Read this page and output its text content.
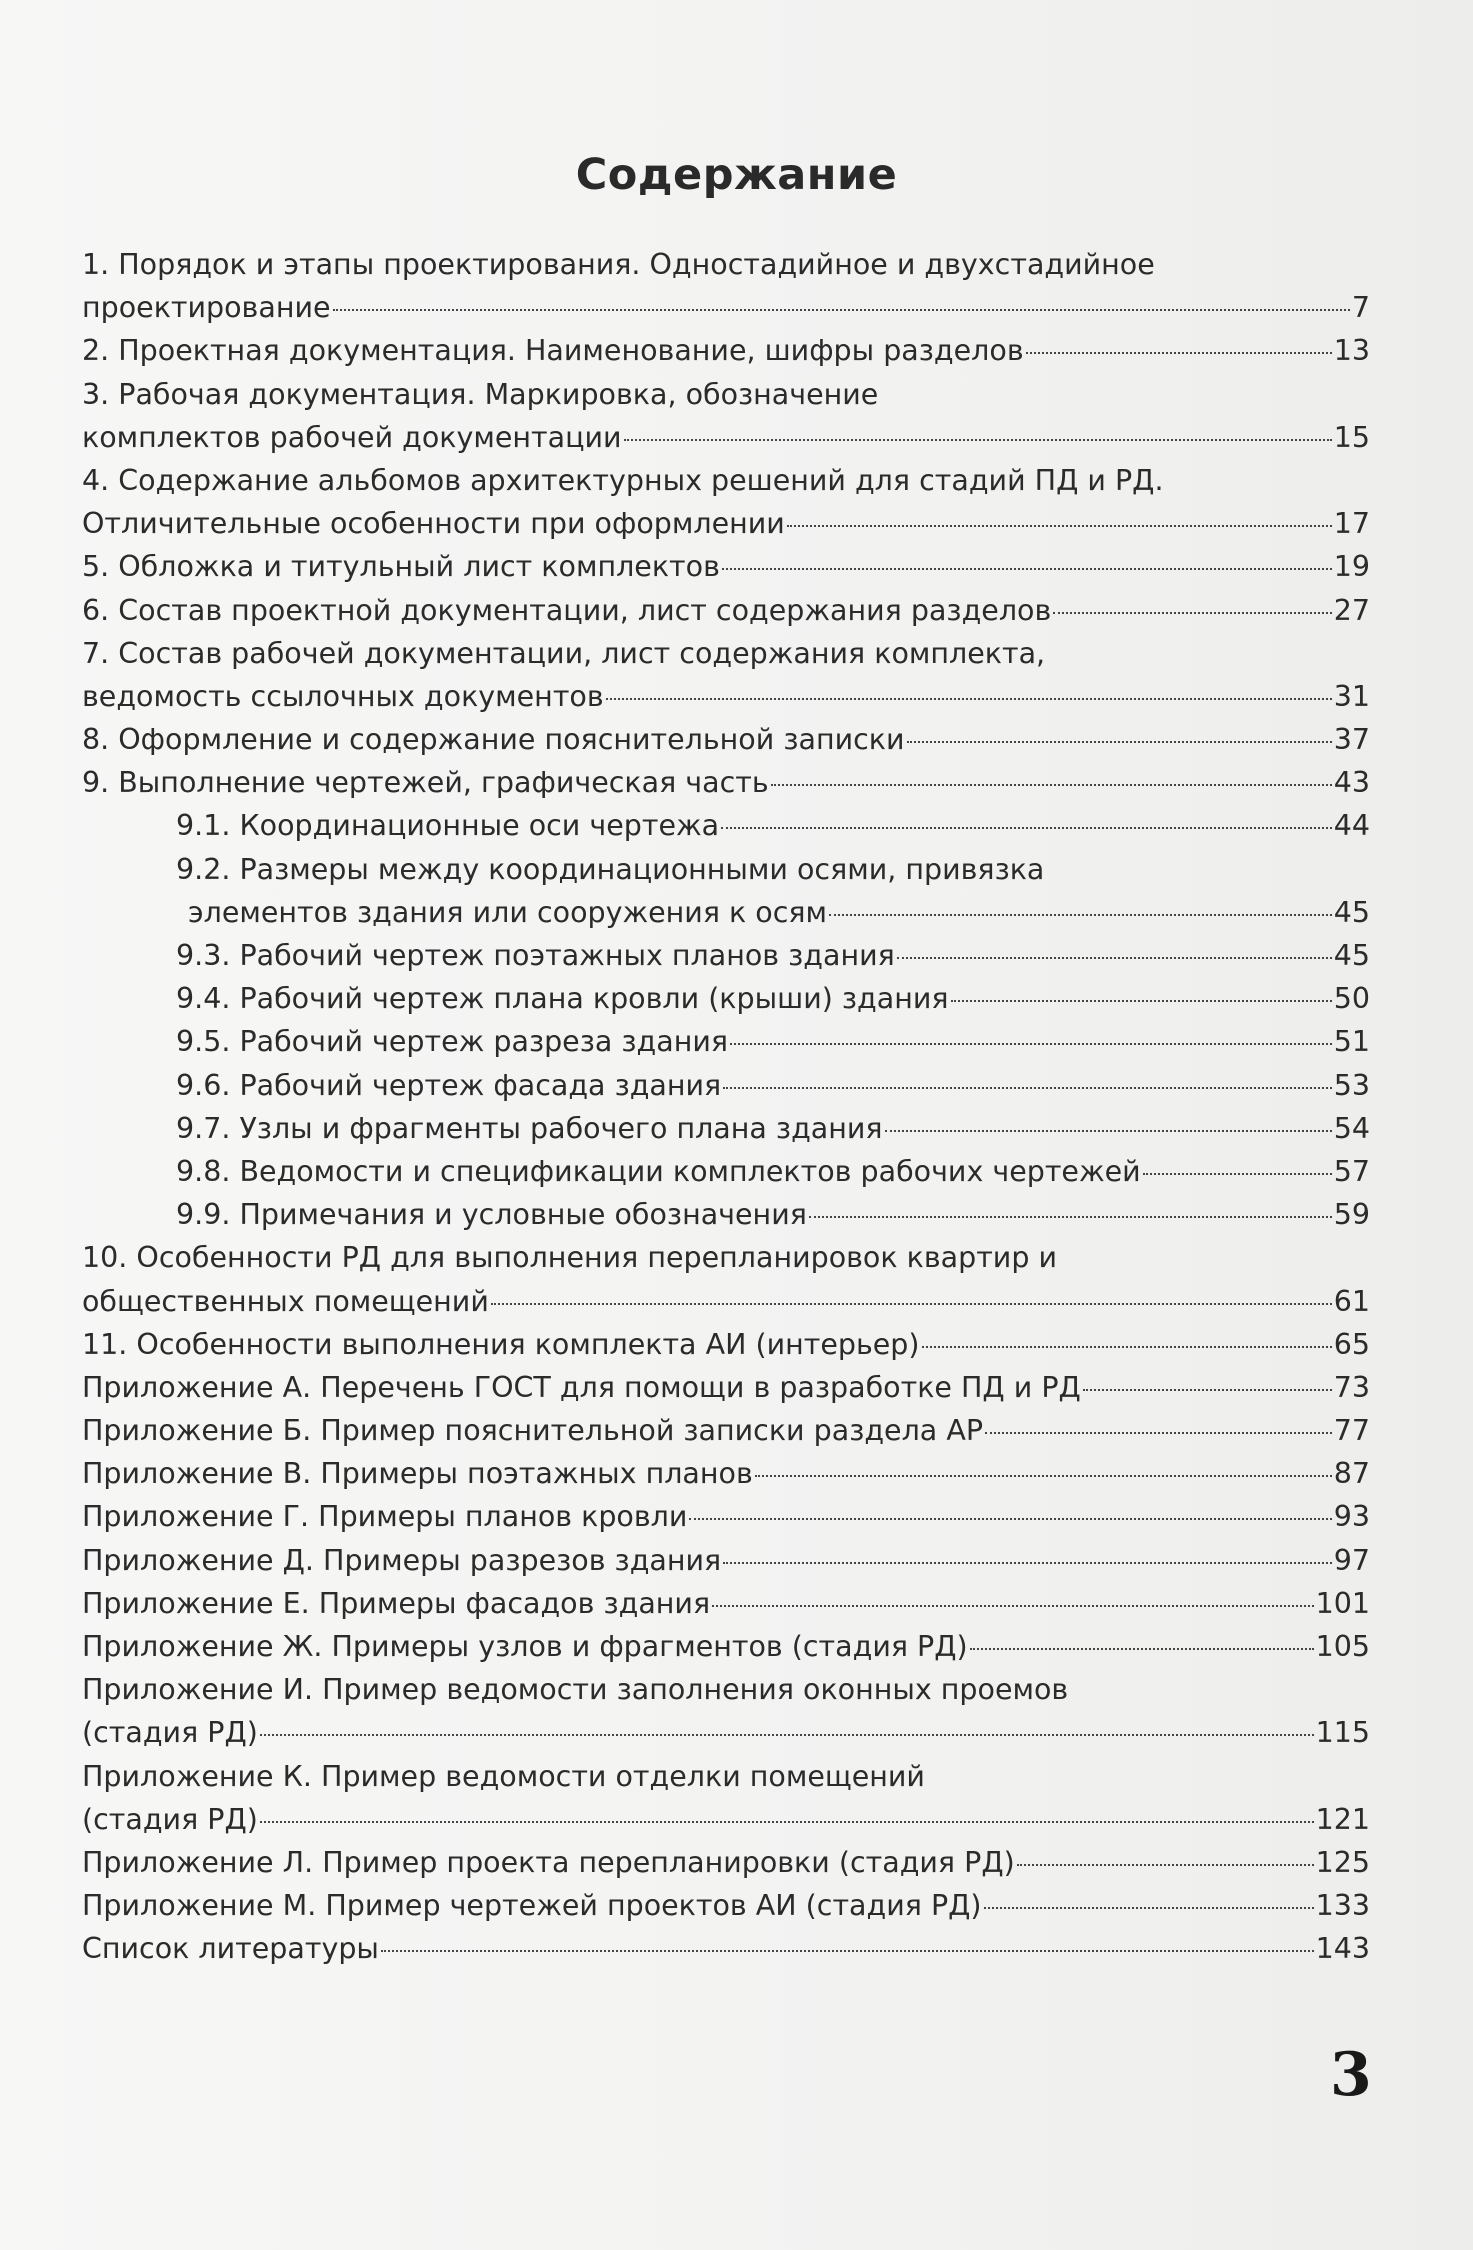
Содержание
1. Порядок и этапы проектирования. Одностадийное и двухстадийное
проектирование	7
2. Проектная документация. Наименование, шифры разделов	13
3. Рабочая документация. Маркировка, обозначение
комплектов рабочей документации	15
4. Содержание альбомов архитектурных решений для стадий ПД и РД.
Отличительные особенности при оформлении	17
5. Обложка и титульный лист комплектов	19
6. Состав проектной документации, лист содержания разделов	27
7. Состав рабочей документации, лист содержания комплекта,
ведомость ссылочных документов	31
8. Оформление и содержание пояснительной записки	37
9. Выполнение чертежей, графическая часть	43
9.1. Координационные оси чертежа	44
9.2. Размеры между координационными осями, привязка
элементов здания или сооружения к осям	45
9.3. Рабочий чертеж поэтажных планов здания	45
9.4. Рабочий чертеж плана кровли (крыши) здания	50
9.5. Рабочий чертеж разреза здания	51
9.6. Рабочий чертеж фасада здания	53
9.7. Узлы и фрагменты рабочего плана здания	54
9.8. Ведомости и спецификации комплектов рабочих чертежей	57
9.9. Примечания и условные обозначения	59
10. Особенности РД для выполнения перепланировок квартир и
общественных помещений	61
11. Особенности выполнения комплекта АИ (интерьер)	65
Приложение А. Перечень ГОСТ для помощи в разработке ПД и РД	73
Приложение Б. Пример пояснительной записки раздела АР	77
Приложение В. Примеры поэтажных планов	87
Приложение Г. Примеры планов кровли	93
Приложение Д. Примеры разрезов здания	97
Приложение Е. Примеры фасадов здания	101
Приложение Ж. Примеры узлов и фрагментов (стадия РД)	105
Приложение И. Пример ведомости заполнения оконных проемов
(стадия РД)	115
Приложение К. Пример ведомости отделки помещений
(стадия РД)	121
Приложение Л. Пример проекта перепланировки (стадия РД)	125
Приложение М. Пример чертежей проектов АИ (стадия РД)	133
Список литературы	143
3
